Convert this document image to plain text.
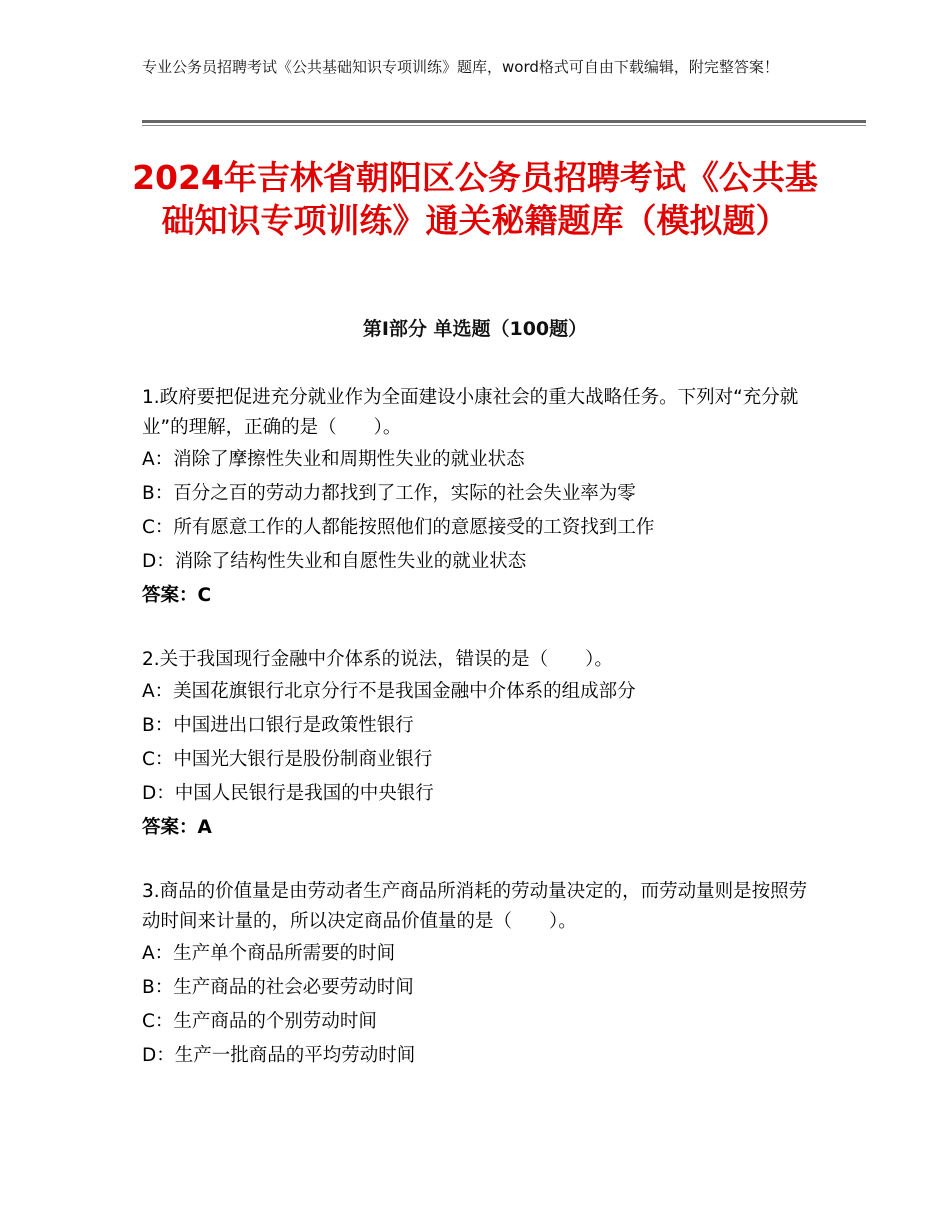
专业公务员招聘考试《公共基础知识专项训练》题库，word格式可自由下载编辑，附完整答案！
2024年吉林省朝阳区公务员招聘考试《公共基础知识专项训练》通关秘籍题库（模拟题）
第I部分 单选题（100题）

1.政府要把促进充分就业作为全面建设小康社会的重大战略任务。下列对“充分就业”的理解，正确的是（　　）。

A：消除了摩擦性失业和周期性失业的就业状态

B：百分之百的劳动力都找到了工作，实际的社会失业率为零

C：所有愿意工作的人都能按照他们的意愿接受的工资找到工作

D：消除了结构性失业和自愿性失业的就业状态

答案：C

2.关于我国现行金融中介体系的说法，错误的是（　　）。

A：美国花旗银行北京分行不是我国金融中介体系的组成部分

B：中国进出口银行是政策性银行

C：中国光大银行是股份制商业银行

D：中国人民银行是我国的中央银行

答案：A

3.商品的价值量是由劳动者生产商品所消耗的劳动量决定的，而劳动量则是按照劳动时间来计量的，所以决定商品价值量的是（　　）。

A：生产单个商品所需要的时间

B：生产商品的社会必要劳动时间

C：生产商品的个别劳动时间

D：生产一批商品的平均劳动时间
